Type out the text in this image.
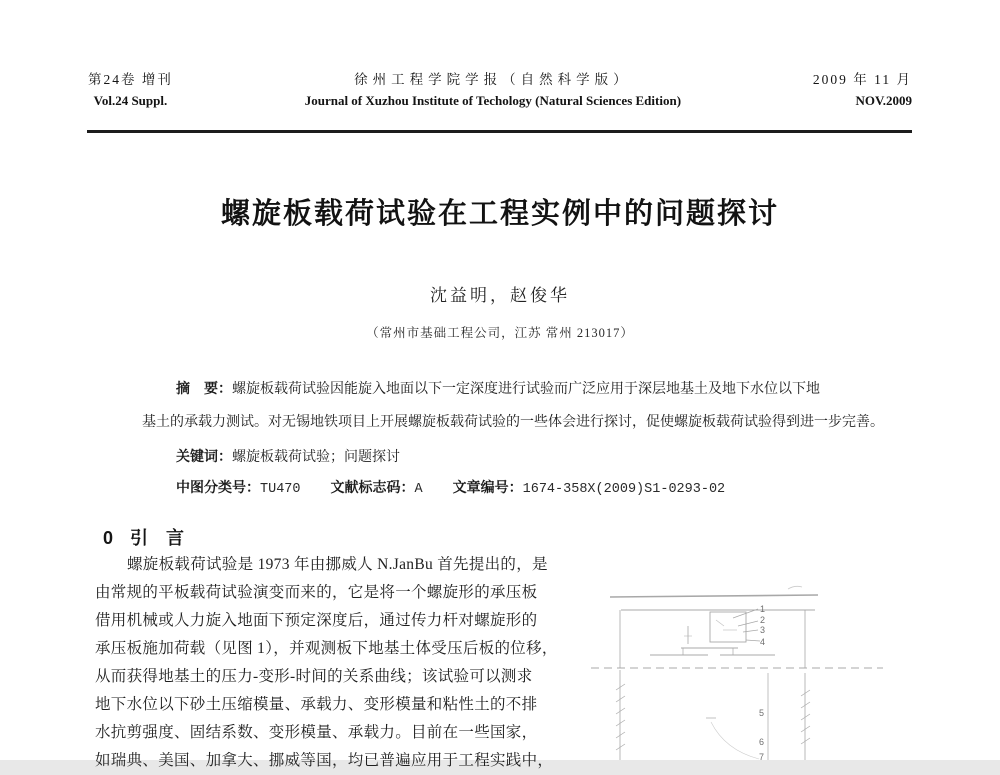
第24卷 增刊
Vol.24 Suppl.
徐州工程学院学报（自然科学版）
Journal of Xuzhou Institute of Techology (Natural Sciences Edition)
2009 年 11 月
NOV.2009
螺旋板载荷试验在工程实例中的问题探讨
沈益明，赵俊华
（常州市基础工程公司，江苏 常州 213017）
摘　要：螺旋板载荷试验因能旋入地面以下一定深度进行试验而广泛应用于深层地基土及地下水位以下地
基土的承载力测试。对无锡地铁项目上开展螺旋板载荷试验的一些体会进行探讨，促使螺旋板载荷试验得到进一步完善。
关键词：螺旋板载荷试验；问题探讨
中图分类号：TU470 文献标志码：A 文章编号：1674-358X(2009)S1-0293-02
0 引　言
螺旋板载荷试验是 1973 年由挪威人 N.JanBu 首先提出的，是
由常规的平板载荷试验演变而来的，它是将一个螺旋形的承压板
借用机械或人力旋入地面下预定深度后，通过传力杆对螺旋形的
承压板施加荷载（见图 1），并观测板下地基土体受压后板的位移，
从而获得地基土的压力-变形-时间的关系曲线；该试验可以测求
地下水位以下砂土压缩模量、承载力、变形模量和粘性土的不排
水抗剪强度、固结系数、变形模量、承载力。目前在一些国家，
如瑞典、美国、加拿大、挪威等国，均已普遍应用于工程实践中，
1
2
3
4
5
6
7
